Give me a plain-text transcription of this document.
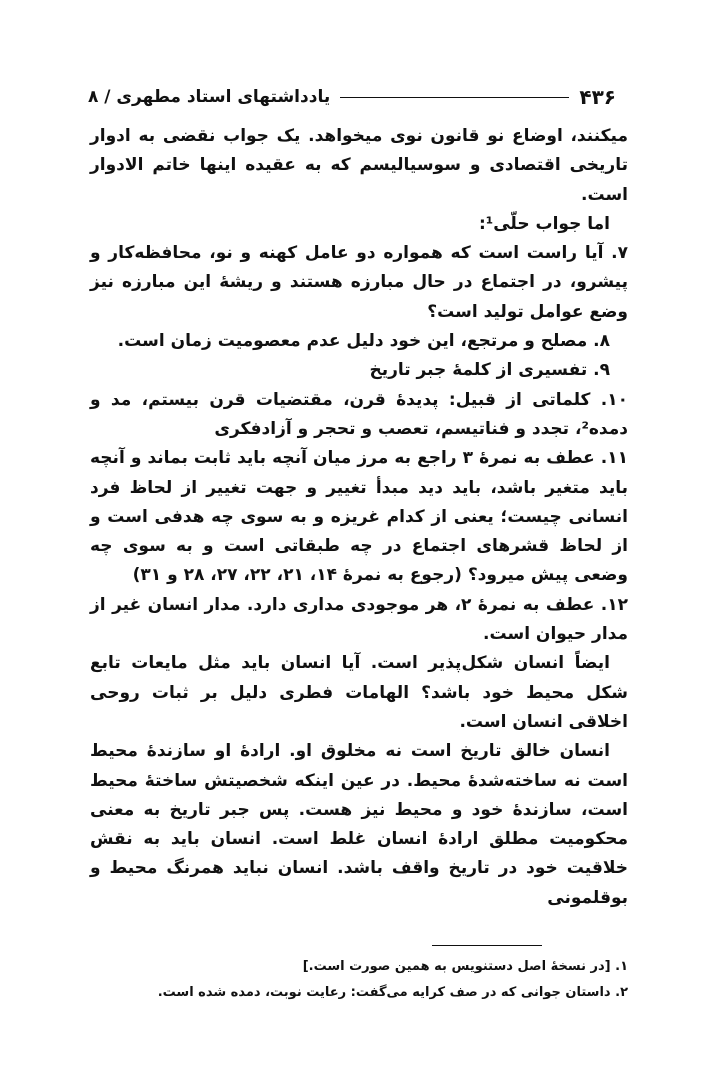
۴۳۶
یادداشتهای استاد مطهری / ۸

میکنند، اوضاع نو قانون نوی میخواهد. یک جواب نقضی به ادوار تاریخی اقتصادی و سوسیالیسم که به عقیده اینها خاتم الادوار است.

اما جواب حلّی¹:

۷. آیا راست است که همواره دو عامل کهنه و نو، محافظه‌کار و پیشرو، در اجتماع در حال مبارزه هستند و ریشهٔ این مبارزه نیز وضع عوامل تولید است؟

۸. مصلح و مرتجع، این خود دلیل عدم معصومیت زمان است.

۹. تفسیری از کلمهٔ جبر تاریخ

۱۰. کلماتی از قبیل: پدیدهٔ قرن، مقتضیات قرن بیستم، مد و دمده²، تجدد و فناتیسم، تعصب و تحجر و آزادفکری

۱۱. عطف به نمرهٔ ۳ راجع به مرز میان آنچه باید ثابت بماند و آنچه باید متغیر باشد، باید دید مبدأ تغییر و جهت تغییر از لحاظ فرد انسانی چیست؛ یعنی از کدام غریزه و به سوی چه هدفی است و از لحاظ قشرهای اجتماع در چه طبقاتی است و به سوی چه وضعی پیش میرود؟ (رجوع به نمرهٔ ۱۴، ۲۱، ۲۲، ۲۷، ۲۸ و ۳۱)

۱۲. عطف به نمرهٔ ۲، هر موجودی مداری دارد. مدار انسان غیر از مدار حیوان است.

ایضاً انسان شکل‌پذیر است. آیا انسان باید مثل مایعات تابع شکل محیط خود باشد؟ الهامات فطری دلیل بر ثبات روحی اخلاقی انسان است.

انسان خالق تاریخ است نه مخلوق او. ارادهٔ او سازندهٔ محیط است نه ساخته‌شدهٔ محیط. در عین اینکه شخصیتش ساختهٔ محیط است، سازندهٔ خود و محیط نیز هست. پس جبر تاریخ به معنی محکومیت مطلق ارادهٔ انسان غلط است. انسان باید به نقش خلاقیت خود در تاریخ واقف باشد. انسان نباید همرنگ محیط و بوقلمونی

۱. [در نسخهٔ اصل دستنویس به همین صورت است.]

۲. داستان جوانی که در صف کرایه می‌گفت: رعایت نوبت، دمده شده است.
